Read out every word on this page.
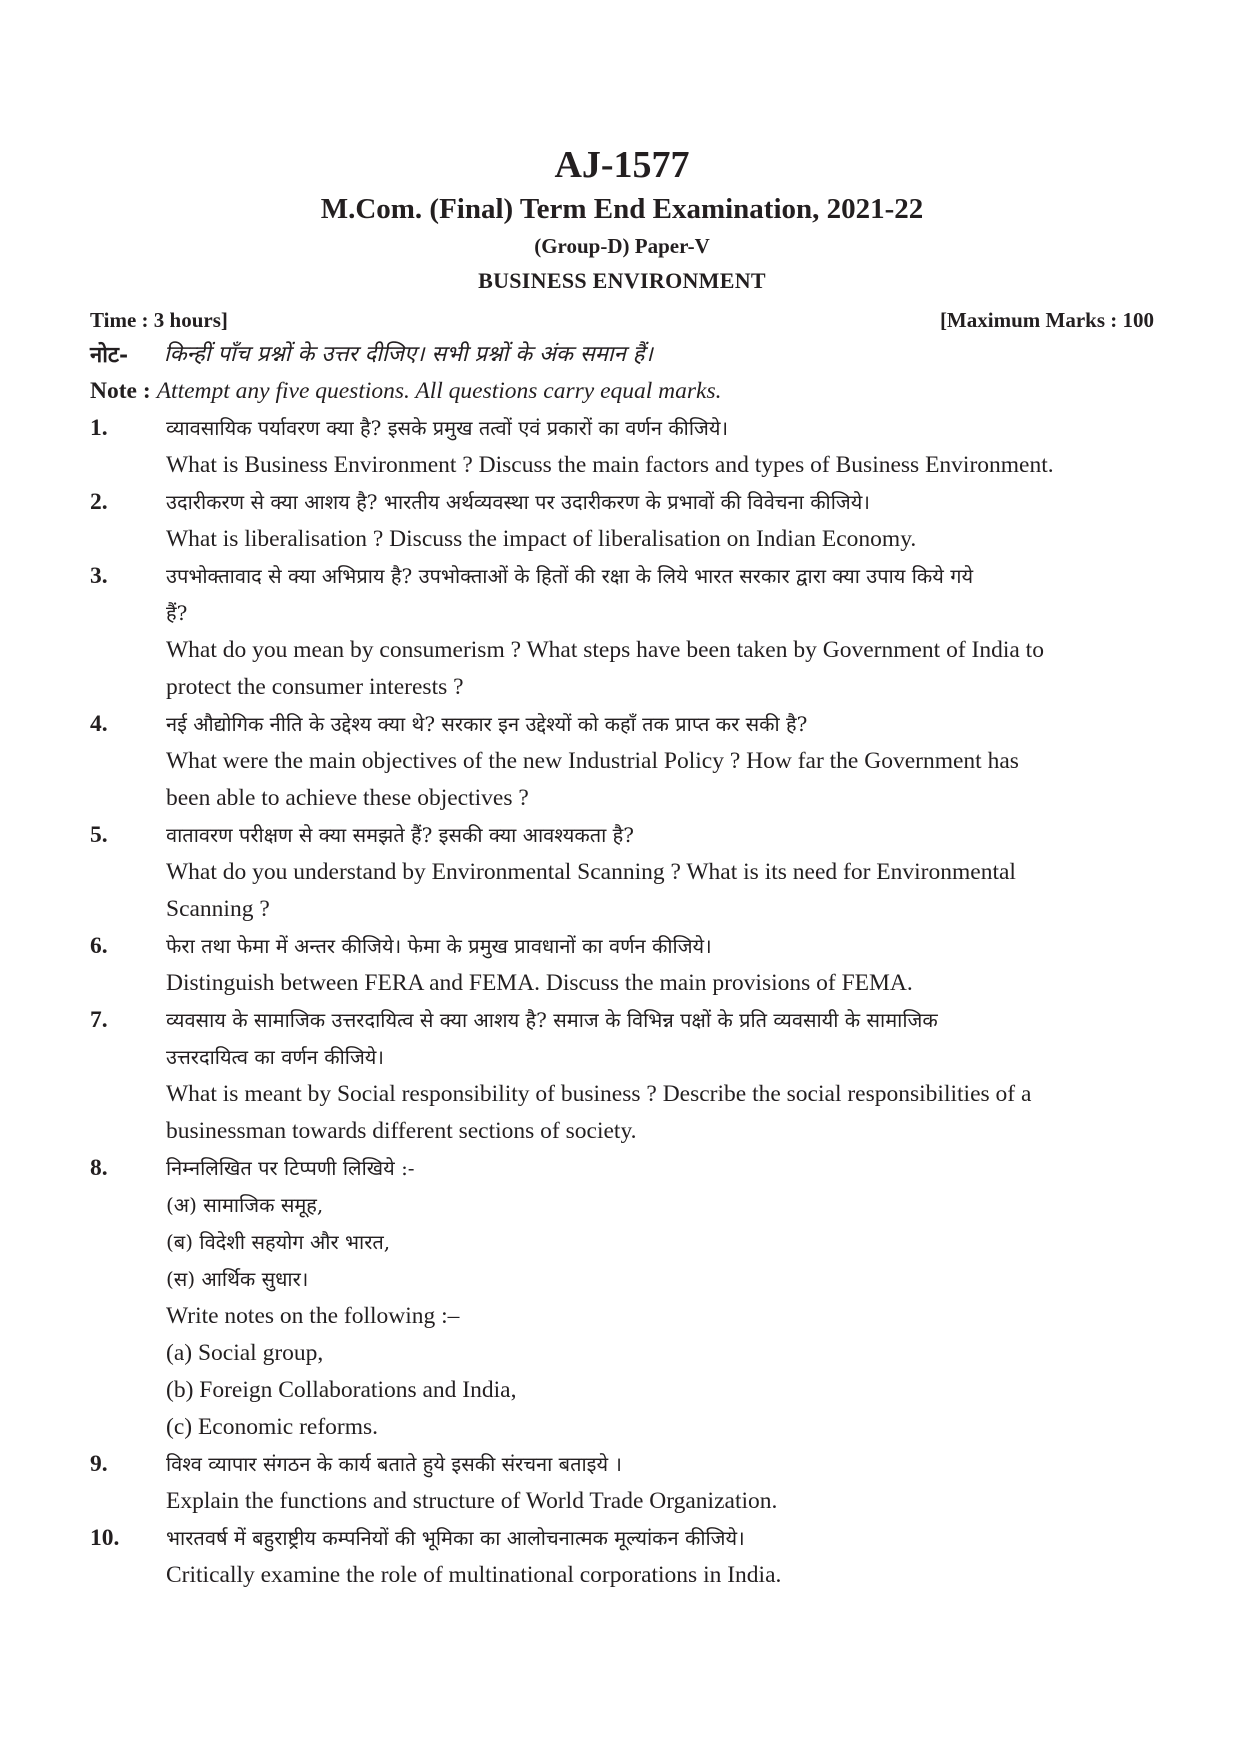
AJ-1577
M.Com. (Final) Term End Examination, 2021-22
(Group-D) Paper-V
BUSINESS ENVIRONMENT
Time : 3 hours]	[Maximum Marks : 100
नोट-	किन्हीं पाँच प्रश्नों के उत्तर दीजिए। सभी प्रश्नों के अंक समान हैं।
Note : Attempt any five questions. All questions carry equal marks.
1.	व्यावसायिक पर्यावरण क्या है? इसके प्रमुख तत्वों एवं प्रकारों का वर्णन कीजिये।
What is Business Environment ? Discuss the main factors and types of Business Environment.
2.	उदारीकरण से क्या आशय है? भारतीय अर्थव्यवस्था पर उदारीकरण के प्रभावों की विवेचना कीजिये।
What is liberalisation ? Discuss the impact of liberalisation on Indian Economy.
3.	उपभोक्तावाद से क्या अभिप्राय है? उपभोक्ताओं के हितों की रक्षा के लिये भारत सरकार द्वारा क्या उपाय किये गये
हैं?
What do you mean by consumerism ? What steps have been taken by Government of India to
protect the consumer interests ?
4.	नई औद्योगिक नीति के उद्देश्य क्या थे? सरकार इन उद्देश्यों को कहाँ तक प्राप्त कर सकी है?
What were the main objectives of the new Industrial Policy ? How far the Government has
been able to achieve these objectives ?
5.	वातावरण परीक्षण से क्या समझते हैं? इसकी क्या आवश्यकता है?
What do you understand by Environmental Scanning ? What is its need for Environmental
Scanning ?
6.	फेरा तथा फेमा में अन्तर कीजिये। फेमा के प्रमुख प्रावधानों का वर्णन कीजिये।
Distinguish between FERA and FEMA. Discuss the main provisions of FEMA.
7.	व्यवसाय के सामाजिक उत्तरदायित्व से क्या आशय है? समाज के विभिन्न पक्षों के प्रति व्यवसायी के सामाजिक
उत्तरदायित्व का वर्णन कीजिये।
What is meant by Social responsibility of business ? Describe the social responsibilities of a
businessman towards different sections of society.
8.	निम्नलिखित पर टिप्पणी लिखिये :-
(अ) सामाजिक समूह,
(ब) विदेशी सहयोग और भारत,
(स) आर्थिक सुधार।
Write notes on the following :–
(a) Social group,
(b) Foreign Collaborations and India,
(c) Economic reforms.
9.	विश्व व्यापार संगठन के कार्य बताते हुये इसकी संरचना बताइये ।
Explain the functions and structure of World Trade Organization.
10.	भारतवर्ष में बहुराष्ट्रीय कम्पनियों की भूमिका का आलोचनात्मक मूल्यांकन कीजिये।
Critically examine the role of multinational corporations in India.
